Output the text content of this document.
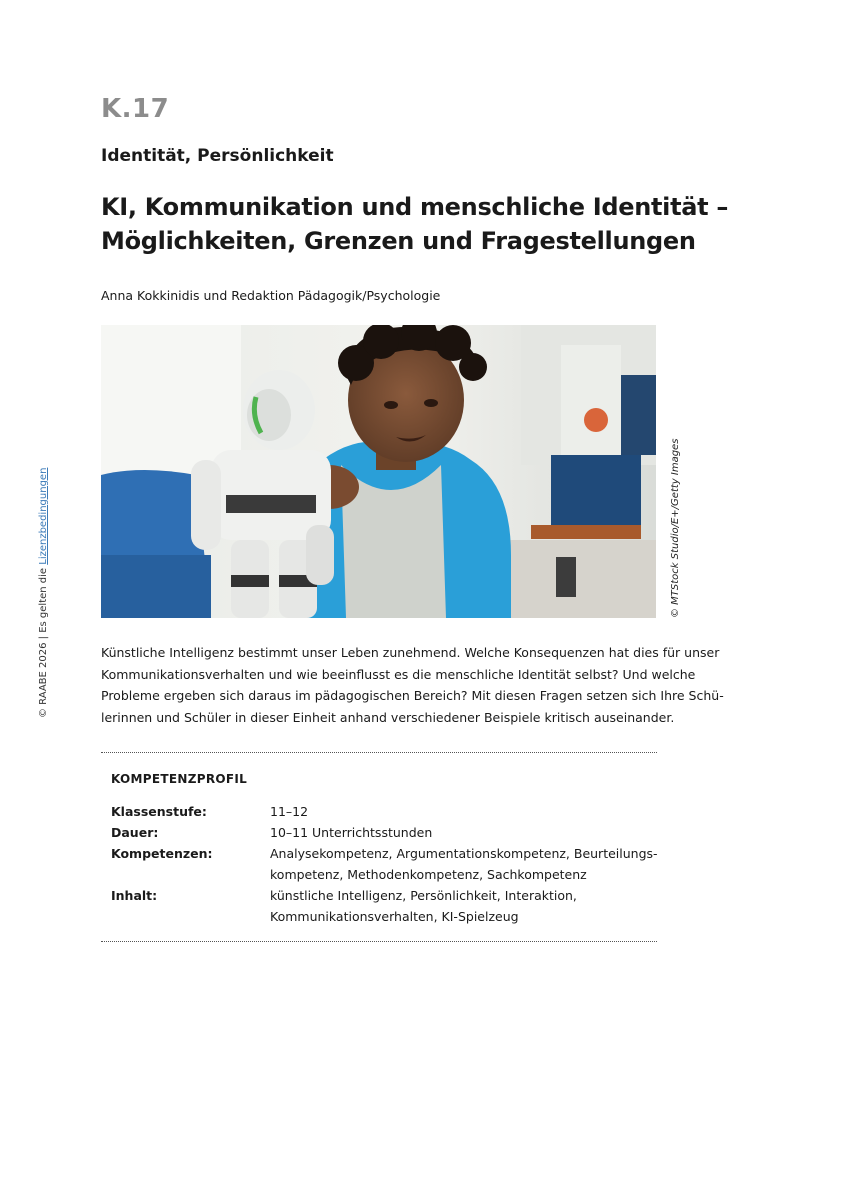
K.17
Identität, Persönlichkeit
KI, Kommunikation und menschliche Identität –
Möglichkeiten, Grenzen und Fragestellungen
Anna Kokkinidis und Redaktion Pädagogik/Psychologie
© MTStock Studio/E+/Getty Images
© RAABE 2026 | Es gelten die Lizenzbedingungen
Künstliche Intelligenz bestimmt unser Leben zunehmend. Welche Konsequenzen hat dies für unser
Kommunikationsverhalten und wie beeinflusst es die menschliche Identität selbst? Und welche
Probleme ergeben sich daraus im pädagogischen Bereich? Mit diesen Fragen setzen sich Ihre Schü-
lerinnen und Schüler in dieser Einheit anhand verschiedener Beispiele kritisch auseinander.
KOMPETENZPROFIL
Klassenstufe:	11–12
Dauer:	10–11 Unterrichtsstunden
Kompetenzen:	Analysekompetenz, Argumentationskompetenz, Beurteilungs-
kompetenz, Methodenkompetenz, Sachkompetenz
Inhalt:	künstliche Intelligenz, Persönlichkeit, Interaktion,
Kommunikationsverhalten, KI-Spielzeug
